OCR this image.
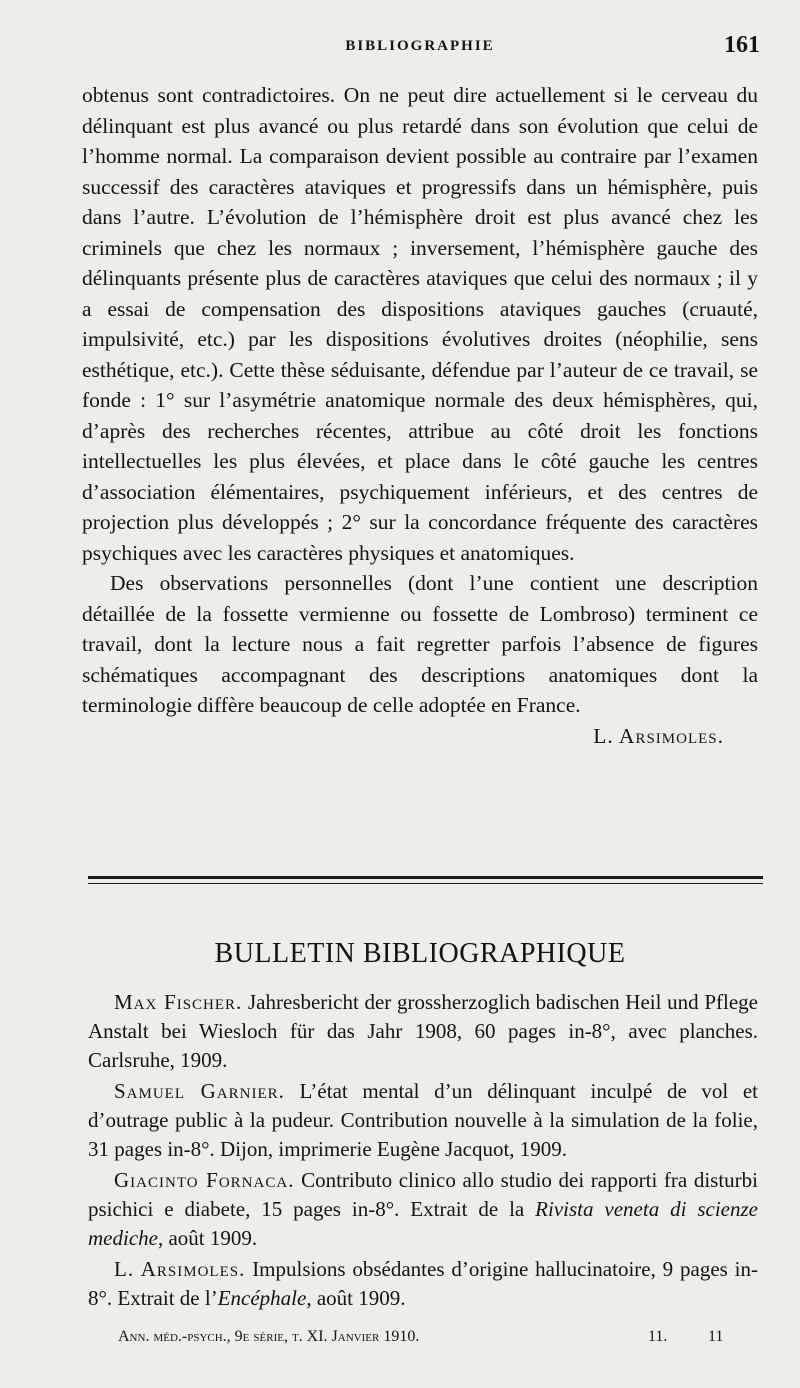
BIBLIOGRAPHIE	161

obtenus sont contradictoires. On ne peut dire actuellement si le cerveau du délinquant est plus avancé ou plus retardé dans son évolution que celui de l’homme normal. La comparaison devient possible au contraire par l’examen successif des caractères ataviques et progressifs dans un hémisphère, puis dans l’autre. L’évolution de l’hémisphère droit est plus avancé chez les criminels que chez les normaux ; inversement, l’hémisphère gauche des délinquants présente plus de caractères ataviques que celui des normaux ; il y a essai de compensation des dispositions ataviques gauches (cruauté, impulsivité, etc.) par les dispositions évolutives droites (néophilie, sens esthétique, etc.). Cette thèse séduisante, défendue par l’auteur de ce travail, se fonde : 1° sur l’asymétrie anatomique normale des deux hémisphères, qui, d’après des recherches récentes, attribue au côté droit les fonctions intellectuelles les plus élevées, et place dans le côté gauche les centres d’association élémentaires, psychiquement inférieurs, et des centres de projection plus développés ; 2° sur la concordance fréquente des caractères psychiques avec les caractères physiques et anatomiques.

Des observations personnelles (dont l’une contient une description détaillée de la fossette vermienne ou fossette de Lombroso) terminent ce travail, dont la lecture nous a fait regretter parfois l’absence de figures schématiques accompagnant des descriptions anatomiques dont la terminologie diffère beaucoup de celle adoptée en France.

L. Arsimoles.

BULLETIN BIBLIOGRAPHIQUE

Max Fischer. Jahresbericht der grossherzoglich badischen Heil und Pflege Anstalt bei Wiesloch für das Jahr 1908, 60 pages in-8°, avec planches. Carlsruhe, 1909.

Samuel Garnier. L’état mental d’un délinquant inculpé de vol et d’outrage public à la pudeur. Contribution nouvelle à la simulation de la folie, 31 pages in-8°. Dijon, imprimerie Eugène Jacquot, 1909.

Giacinto Fornaca. Contributo clinico allo studio dei rapporti fra disturbi psichici e diabete, 15 pages in-8°. Extrait de la Rivista veneta di scienze mediche, août 1909.

L. Arsimoles. Impulsions obsédantes d’origine hallucinatoire, 9 pages in-8°. Extrait de l’Encéphale, août 1909.

Ann. méd.-psych., 9e série, t. XI. Janvier 1910.	11.	11
